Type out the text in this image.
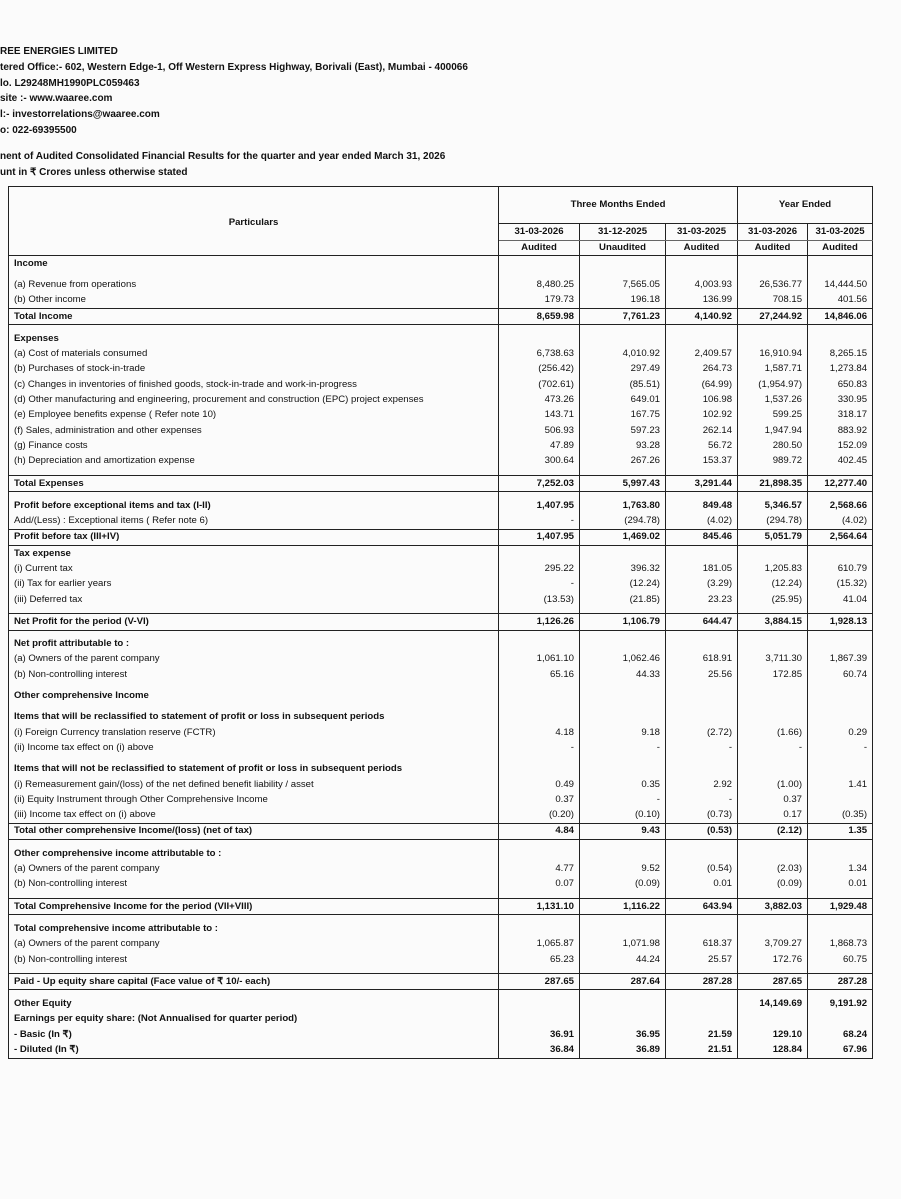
REE ENERGIES LIMITED
tered Office:- 602, Western Edge-1, Off Western Express Highway, Borivali (East), Mumbai - 400066
lo. L29248MH1990PLC059463
site :- www.waaree.com
l:- investorrelations@waaree.com
o: 022-69395500
nent of Audited Consolidated Financial Results for the quarter and year ended March 31, 2026
unt in ₹ Crores unless otherwise stated
Particulars	Three Months Ended			Year Ended	
	31-03-2026	31-12-2025	31-03-2025	31-03-2026	31-03-2025
	Audited	Unaudited	Audited	Audited	Audited
Income					

(a) Revenue from operations	8,480.25	7,565.05	4,003.93	26,536.77	14,444.50
(b) Other income	179.73	196.18	136.99	708.15	401.56
Total Income	8,659.98	7,761.23	4,140.92	27,244.92	14,846.06

Expenses					
(a) Cost of materials consumed	6,738.63	4,010.92	2,409.57	16,910.94	8,265.15
(b) Purchases of stock-in-trade	(256.42)	297.49	264.73	1,587.71	1,273.84
(c) Changes in inventories of finished goods, stock-in-trade and work-in-progress	(702.61)	(85.51)	(64.99)	(1,954.97)	650.83
(d) Other manufacturing and engineering, procurement and construction (EPC) project expenses	473.26	649.01	106.98	1,537.26	330.95
(e) Employee benefits expense ( Refer note 10)	143.71	167.75	102.92	599.25	318.17
(f) Sales, administration and other expenses	506.93	597.23	262.14	1,947.94	883.92
(g) Finance costs	47.89	93.28	56.72	280.50	152.09
(h) Depreciation and amortization expense	300.64	267.26	153.37	989.72	402.45

Total Expenses	7,252.03	5,997.43	3,291.44	21,898.35	12,277.40

Profit before exceptional items and tax (I-II)	1,407.95	1,763.80	849.48	5,346.57	2,568.66
Add/(Less) : Exceptional items ( Refer note 6)	-	(294.78)	(4.02)	(294.78)	(4.02)
Profit before tax (III+IV)	1,407.95	1,469.02	845.46	5,051.79	2,564.64
Tax expense					
(i) Current tax	295.22	396.32	181.05	1,205.83	610.79
(ii) Tax for earlier years	-	(12.24)	(3.29)	(12.24)	(15.32)
(iii) Deferred tax	(13.53)	(21.85)	23.23	(25.95)	41.04

Net Profit for the period (V-VI)	1,126.26	1,106.79	644.47	3,884.15	1,928.13

Net profit attributable to :					
(a) Owners of the parent company	1,061.10	1,062.46	618.91	3,711.30	1,867.39
(b) Non-controlling interest	65.16	44.33	25.56	172.85	60.74

Other comprehensive Income					

Items that will be reclassified to statement of profit or loss in subsequent periods					
(i) Foreign Currency translation reserve (FCTR)	4.18	9.18	(2.72)	(1.66)	0.29
(ii) Income tax effect on (i) above	-	-	-	-	-

Items that will not be reclassified to statement of profit or loss in subsequent periods					
(i) Remeasurement gain/(loss) of the net defined benefit liability / asset	0.49	0.35	2.92	(1.00)	1.41
(ii) Equity Instrument through Other Comprehensive Income	0.37	-	-	0.37	
(iii) Income tax effect on (i) above	(0.20)	(0.10)	(0.73)	0.17	(0.35)
Total other comprehensive Income/(loss) (net of tax)	4.84	9.43	(0.53)	(2.12)	1.35

Other comprehensive income attributable to :					
(a) Owners of the parent company	4.77	9.52	(0.54)	(2.03)	1.34
(b) Non-controlling interest	0.07	(0.09)	0.01	(0.09)	0.01

Total Comprehensive Income for the period (VII+VIII)	1,131.10	1,116.22	643.94	3,882.03	1,929.48

Total comprehensive income attributable to :					
(a) Owners of the parent company	1,065.87	1,071.98	618.37	3,709.27	1,868.73
(b) Non-controlling interest	65.23	44.24	25.57	172.76	60.75

Paid - Up equity share capital (Face value of ₹ 10/- each)	287.65	287.64	287.28	287.65	287.28

Other Equity				14,149.69	9,191.92
Earnings per equity share: (Not Annualised for quarter period)					
- Basic (In ₹)	36.91	36.95	21.59	129.10	68.24
- Diluted (In ₹)	36.84	36.89	21.51	128.84	67.96
